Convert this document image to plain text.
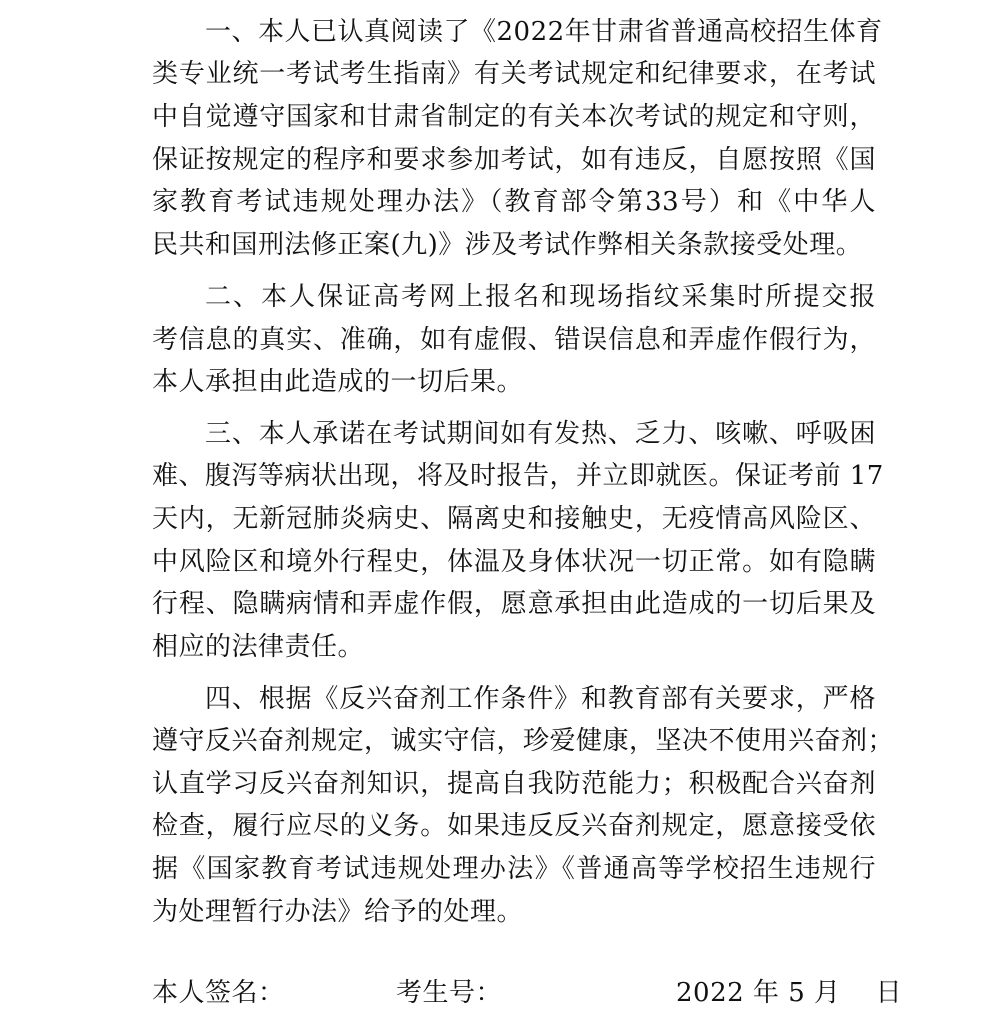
一、本人已认真阅读了《2022年甘肃省普通高校招生体育
类专业统一考试考生指南》有关考试规定和纪律要求，在考试
中自觉遵守国家和甘肃省制定的有关本次考试的规定和守则，
保证按规定的程序和要求参加考试，如有违反，自愿按照《国
家教育考试违规处理办法》（教育部令第33号）和《中华人
民共和国刑法修正案(九)》涉及考试作弊相关条款接受处理。
二、本人保证高考网上报名和现场指纹采集时所提交报
考信息的真实、准确，如有虚假、错误信息和弄虚作假行为，
本人承担由此造成的一切后果。
三、本人承诺在考试期间如有发热、乏力、咳嗽、呼吸困
难、腹泻等病状出现，将及时报告，并立即就医。保证考前 17
天内，无新冠肺炎病史、隔离史和接触史，无疫情高风险区、
中风险区和境外行程史，体温及身体状况一切正常。如有隐瞒
行程、隐瞒病情和弄虚作假，愿意承担由此造成的一切后果及
相应的法律责任。
四、根据《反兴奋剂工作条件》和教育部有关要求，严格
遵守反兴奋剂规定，诚实守信，珍爱健康，坚决不使用兴奋剂；
认直学习反兴奋剂知识，提高自我防范能力；积极配合兴奋剂
检查，履行应尽的义务。如果违反反兴奋剂规定，愿意接受依
据《国家教育考试违规处理办法》《普通高等学校招生违规行
为处理暂行办法》给予的处理。
本人签名：	考生号：	2022 年 5 月    日
